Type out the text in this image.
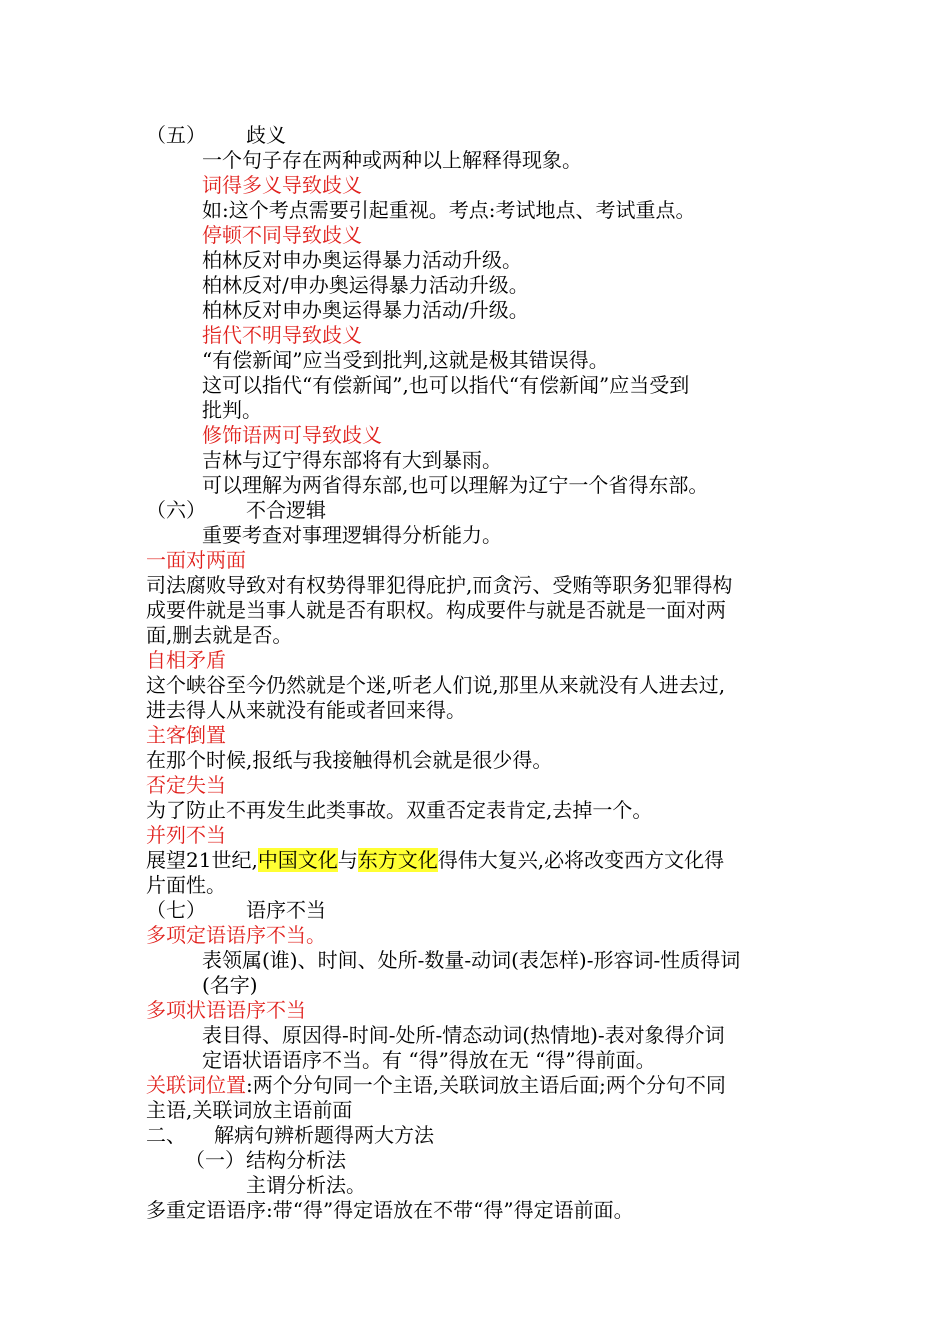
（五） 歧义
一个句子存在两种或两种以上解释得现象。
词得多义导致歧义
如:这个考点需要引起重视。考点:考试地点、考试重点。
停顿不同导致歧义
柏林反对申办奥运得暴力活动升级。
柏林反对/申办奥运得暴力活动升级。
柏林反对申办奥运得暴力活动/升级。
指代不明导致歧义
“有偿新闻”应当受到批判,这就是极其错误得。
这可以指代“有偿新闻”,也可以指代“有偿新闻”应当受到
批判。
修饰语两可导致歧义
吉林与辽宁得东部将有大到暴雨。
可以理解为两省得东部,也可以理解为辽宁一个省得东部。
（六） 不合逻辑
重要考查对事理逻辑得分析能力。
一面对两面
司法腐败导致对有权势得罪犯得庇护,而贪污、受贿等职务犯罪得构
成要件就是当事人就是否有职权。构成要件与就是否就是一面对两
面,删去就是否。
自相矛盾
这个峡谷至今仍然就是个迷,听老人们说,那里从来就没有人进去过,
进去得人从来就没有能或者回来得。
主客倒置
在那个时候,报纸与我接触得机会就是很少得。
否定失当
为了防止不再发生此类事故。双重否定表肯定,去掉一个。
并列不当
展望21世纪,中国文化与东方文化得伟大复兴,必将改变西方文化得
片面性。
（七） 语序不当
多项定语语序不当。
表领属(谁)、时间、处所-数量-动词(表怎样)-形容词-性质得词
(名字)
多项状语语序不当
表目得、原因得-时间-处所-情态动词(热情地)-表对象得介词
定语状语语序不当。有 “得”得放在无 “得”得前面。
关联词位置:两个分句同一个主语,关联词放主语后面;两个分句不同
主语,关联词放主语前面
二、 解病句辨析题得两大方法
（一） 结构分析法
主谓分析法。
多重定语语序:带“得”得定语放在不带“得”得定语前面。
